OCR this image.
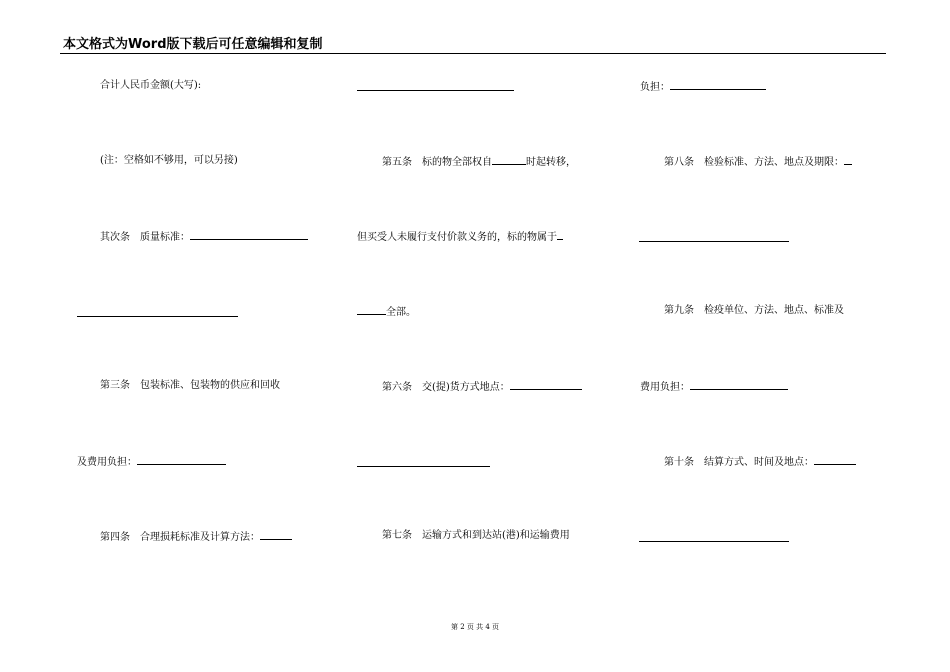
本文格式为Word版下载后可任意编辑和复制
合计人民币金额(大写):
(注：空格如不够用，可以另接)
其次条　质量标准：
第三条　包装标准、包装物的供应和回收
及费用负担：
第四条　合理损耗标准及计算方法：
第五条　标的物全部权自	时起转移，
但买受人未履行支付价款义务的，标的物属于
全部。
第六条　交(提)货方式地点：
第七条　运输方式和到达站(港)和运输费用
负担：
第八条　检验标准、方法、地点及期限：
第九条　检疫单位、方法、地点、标准及
费用负担：
第十条　结算方式、时间及地点：
第 2 页 共 4 页
